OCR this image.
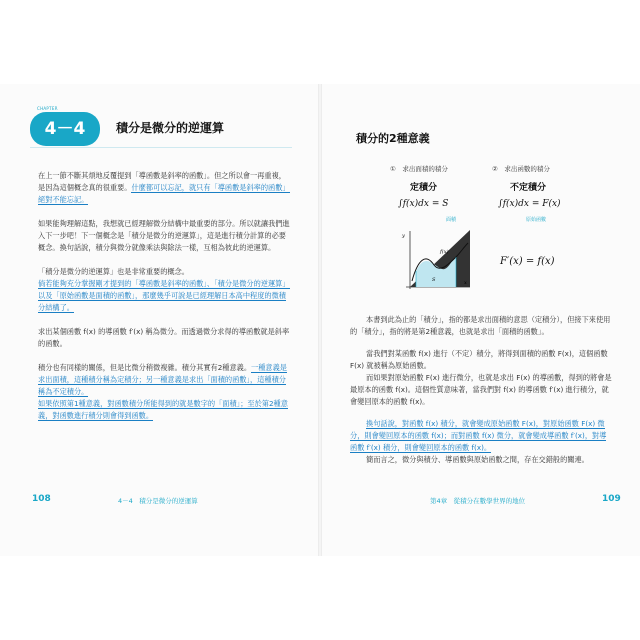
CHAPTER
4－4	積分是微分的逆運算

在上一節不斷其煩地反覆提到「導函數是斜率的函數」。但之所以會一再重複，是因為這個概念真的很重要。什麼都可以忘記，就只有「導函數是斜率的函數」絕對不能忘記。

如果能夠理解這點，我想就已經理解微分結構中最重要的部分。所以就讓我們進入下一步吧！下一個概念是「積分是微分的逆運算」，這是進行積分計算的必要概念。換句話說，積分與微分就像乘法與除法一樣，互相為彼此的逆運算。

「積分是微分的逆運算」也是非常重要的概念。

倘若能夠充分掌握剛才提到的「導函數是斜率的函數」、「積分是微分的逆運算」以及「原始函數是面積的函數」，那麼幾乎可說是已經理解日本高中程度的微積分結構了。

求出某個函數 f(x) 的導函數 f′(x) 稱為微分。而透過微分求得的導函數就是斜率的函數。

積分也有同樣的關係，但是比微分稍微複雜。積分其實有2種意義。一種意義是求出面積，這種積分稱為定積分；另一種意義是求出「面積的函數」，這種積分稱為不定積分。

如果依照第1種意義，對函數積分所能得到的就是數字的「面積」；至於第2種意義，對函數進行積分則會得到函數。

108	4－4　積分是微分的逆運算
積分的2種意義
①　求出面積的積分
定積分
∫f(x)dx = S
面積
②　求出函數的積分
不定積分
∫f(x)dx = F(x)
原始函數
y
x
f(x)
S
F′(x) = f(x)

本書到此為止的「積分」，指的都是求出面積的意思（定積分），但接下來使用的「積分」，指的將是第2種意義，也就是求出「面積的函數」。

當我們對某函數 f(x) 進行（不定）積分，將得到面積的函數 F(x)，這個函數 F(x) 就被稱為原始函數。

而如果對原始函數 F(x) 進行微分，也就是求出 F(x) 的導函數，得到的將會是最原本的函數 f(x)。這個性質意味著，當我們對 f(x) 的導函數 f′(x) 進行積分，就會變回原本的函數 f(x)。

換句話說，對函數 f(x) 積分，就會變成原始函數 F(x)，對原始函數 F(x) 微分，則會變回原本的函數 f(x)；而對函數 f(x) 微分，就會變成導函數 f′(x)，對導函數 f′(x) 積分，則會變回原本的函數 f(x)。

簡而言之，微分與積分、導函數與原始函數之間，存在交錯般的關連。

第4章　從積分在數學世界的地位	109
